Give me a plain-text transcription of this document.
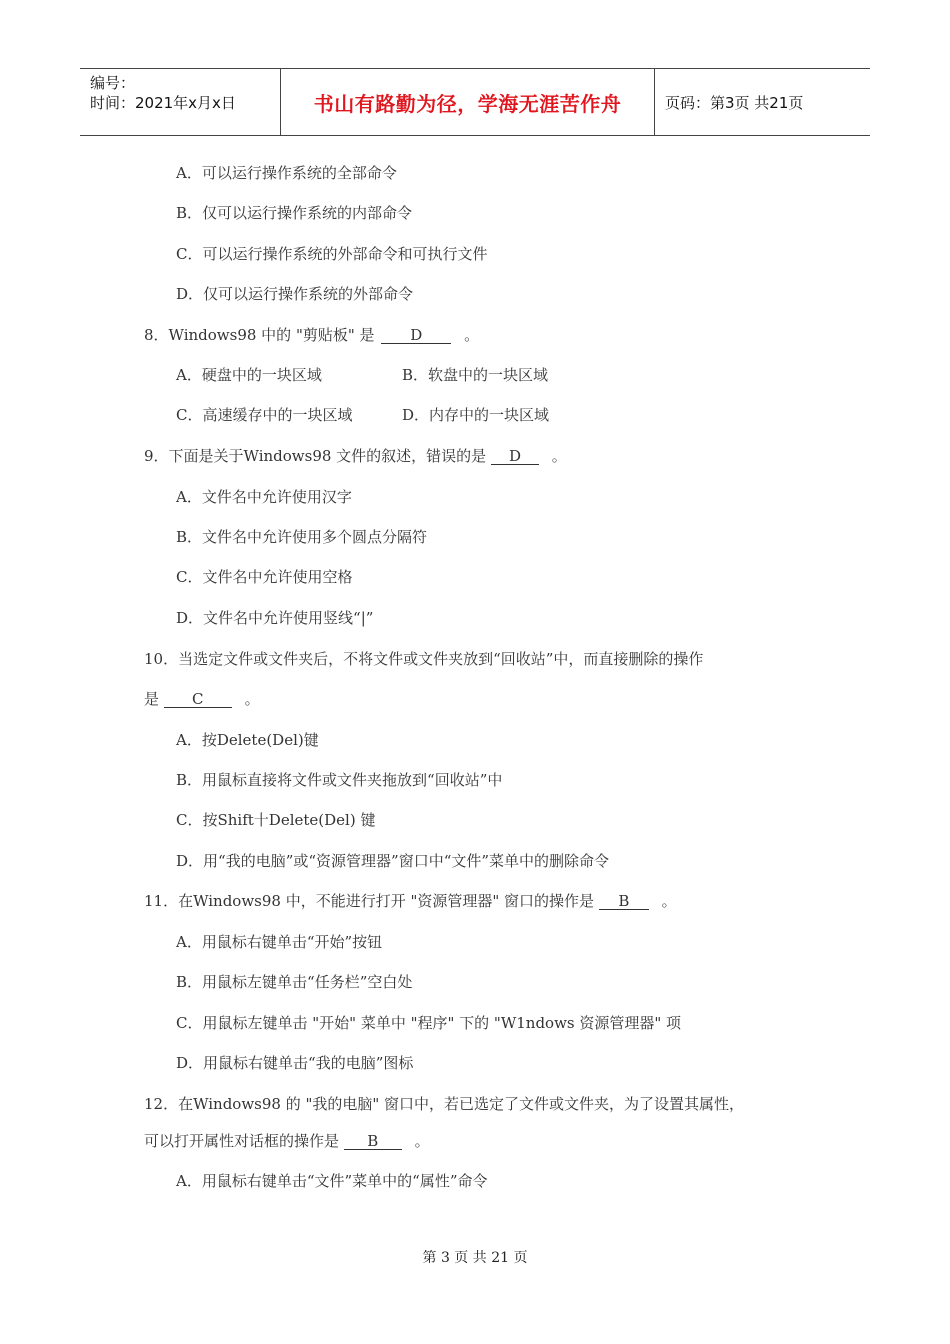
编号：
时间：2021年x月x日	书山有路勤为径，学海无涯苦作舟	页码：第3页 共21页
A．可以运行操作系统的全部命令
B．仅可以运行操作系统的内部命令
C．可以运行操作系统的外部命令和可执行文件
D．仅可以运行操作系统的外部命令
8．Windows98 中的 "剪贴板" 是 D	。
A．硬盘中的一块区域	B．软盘中的一块区域
C．高速缓存中的一块区域	D．内存中的一块区域
9．下面是关于Windows98 文件的叙述，错误的是 D 。
A．文件名中允许使用汉字
B．文件名中允许使用多个圆点分隔符
C．文件名中允许使用空格
D．文件名中允许使用竖线“|”
10．当选定文件或文件夹后，不将文件或文件夹放到“回收站”中，而直接删除的操作
是 C	。
A．按Delete(Del)键
B．用鼠标直接将文件或文件夹拖放到“回收站”中
C．按Shift十Delete(Del) 键
D．用“我的电脑”或“资源管理器”窗口中“文件”菜单中的删除命令
11．在Windows98 中，不能进行打开 "资源管理器" 窗口的操作是 B 。
A．用鼠标右键单击“开始”按钮
B．用鼠标左键单击“任务栏”空白处
C．用鼠标左键单击 "开始" 菜单中 "程序" 下的 "W1ndows 资源管理器" 项
D．用鼠标右键单击“我的电脑”图标
12．在Windows98 的 "我的电脑" 窗口中，若已选定了文件或文件夹，为了设置其属性，
可以打开属性对话框的操作是 B 。
A．用鼠标右键单击“文件”菜单中的“属性”命令
第 3 页 共 21 页
